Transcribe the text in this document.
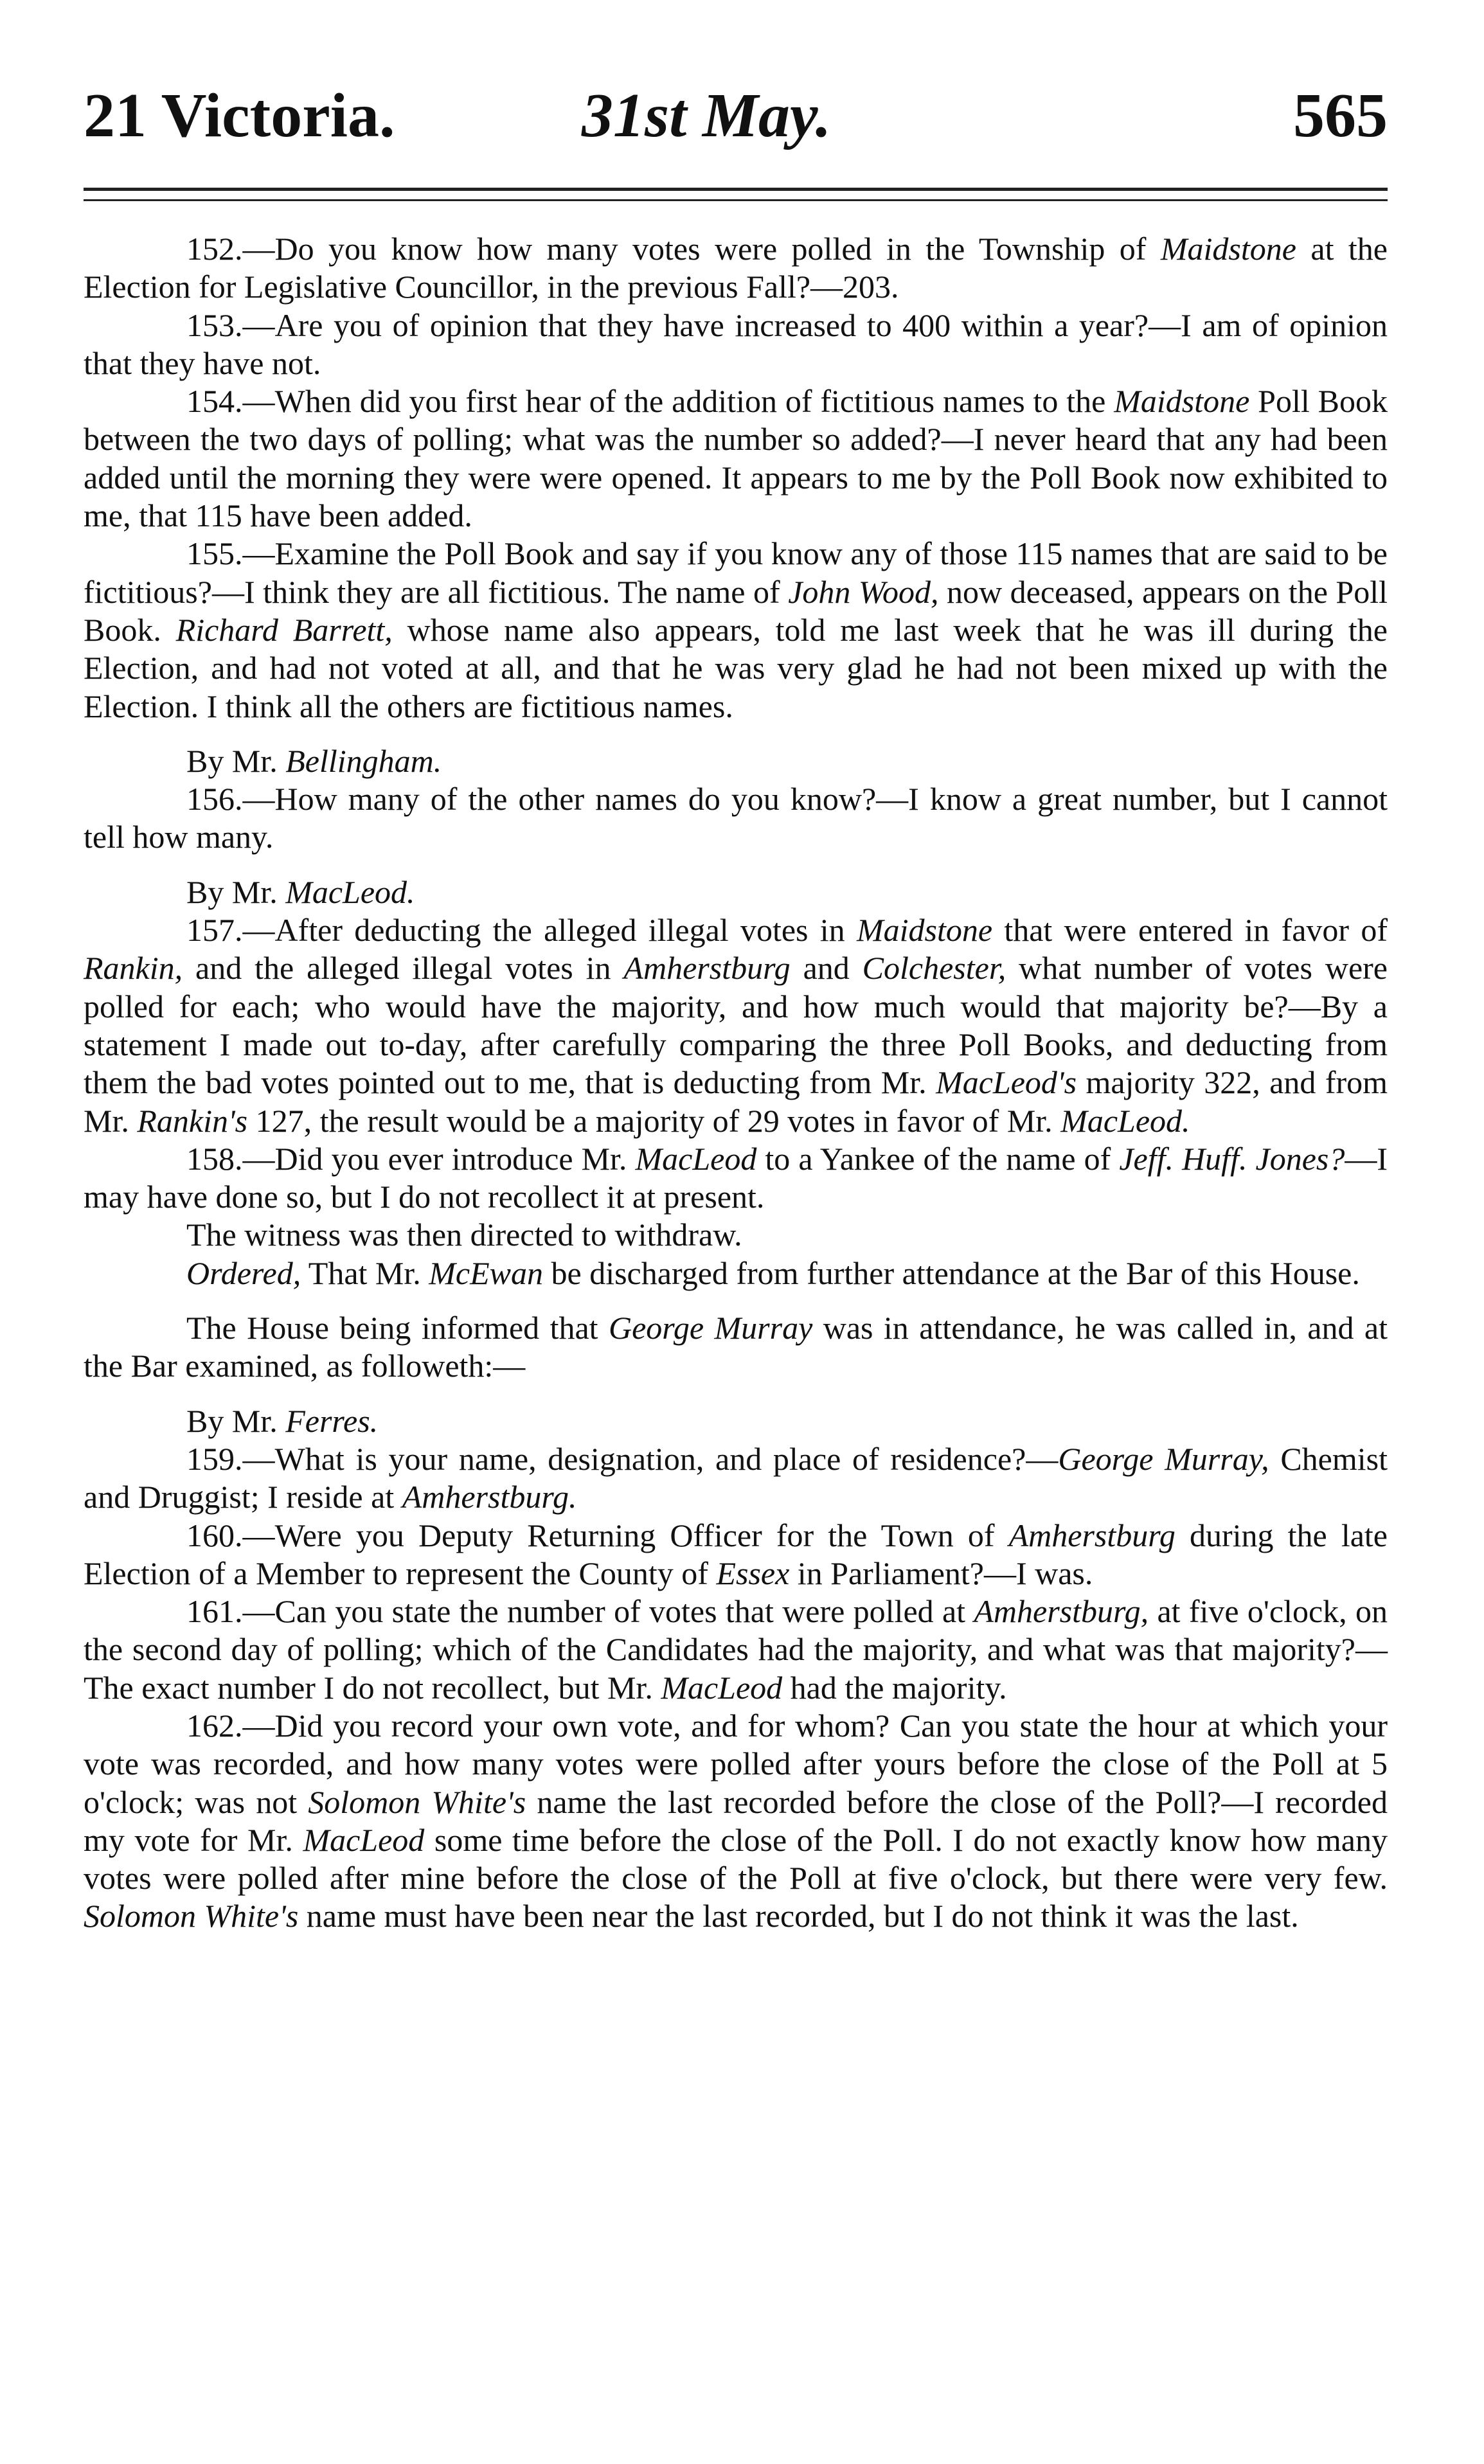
21 Victoria.	31st May.	565

152.—Do you know how many votes were polled in the Township of Maidstone at the Election for Legislative Councillor, in the previous Fall?—203.

153.—Are you of opinion that they have increased to 400 within a year?—I am of opinion that they have not.

154.—When did you first hear of the addition of fictitious names to the Maidstone Poll Book between the two days of polling; what was the number so added?—I never heard that any had been added until the morning they were were opened. It appears to me by the Poll Book now exhibited to me, that 115 have been added.

155.—Examine the Poll Book and say if you know any of those 115 names that are said to be fictitious?—I think they are all fictitious. The name of John Wood, now deceased, appears on the Poll Book. Richard Barrett, whose name also appears, told me last week that he was ill during the Election, and had not voted at all, and that he was very glad he had not been mixed up with the Election. I think all the others are fictitious names.

By Mr. Bellingham.

156.—How many of the other names do you know?—I know a great number, but I cannot tell how many.

By Mr. MacLeod.

157.—After deducting the alleged illegal votes in Maidstone that were entered in favor of Rankin, and the alleged illegal votes in Amherstburg and Colchester, what number of votes were polled for each; who would have the majority, and how much would that majority be?—By a statement I made out to-day, after carefully comparing the three Poll Books, and deducting from them the bad votes pointed out to me, that is deducting from Mr. MacLeod's majority 322, and from Mr. Rankin's 127, the result would be a majority of 29 votes in favor of Mr. MacLeod.

158.—Did you ever introduce Mr. MacLeod to a Yankee of the name of Jeff. Huff. Jones?—I may have done so, but I do not recollect it at present.

The witness was then directed to withdraw.

Ordered, That Mr. McEwan be discharged from further attendance at the Bar of this House.

The House being informed that George Murray was in attendance, he was called in, and at the Bar examined, as followeth:—

By Mr. Ferres.

159.—What is your name, designation, and place of residence?—George Murray, Chemist and Druggist; I reside at Amherstburg.

160.—Were you Deputy Returning Officer for the Town of Amherstburg during the late Election of a Member to represent the County of Essex in Parliament?—I was.

161.—Can you state the number of votes that were polled at Amherstburg, at five o'clock, on the second day of polling; which of the Candidates had the majority, and what was that majority?—The exact number I do not recollect, but Mr. MacLeod had the majority.

162.—Did you record your own vote, and for whom? Can you state the hour at which your vote was recorded, and how many votes were polled after yours before the close of the Poll at 5 o'clock; was not Solomon White's name the last recorded before the close of the Poll?—I recorded my vote for Mr. MacLeod some time before the close of the Poll. I do not exactly know how many votes were polled after mine before the close of the Poll at five o'clock, but there were very few. Solomon White's name must have been near the last recorded, but I do not think it was the last.
